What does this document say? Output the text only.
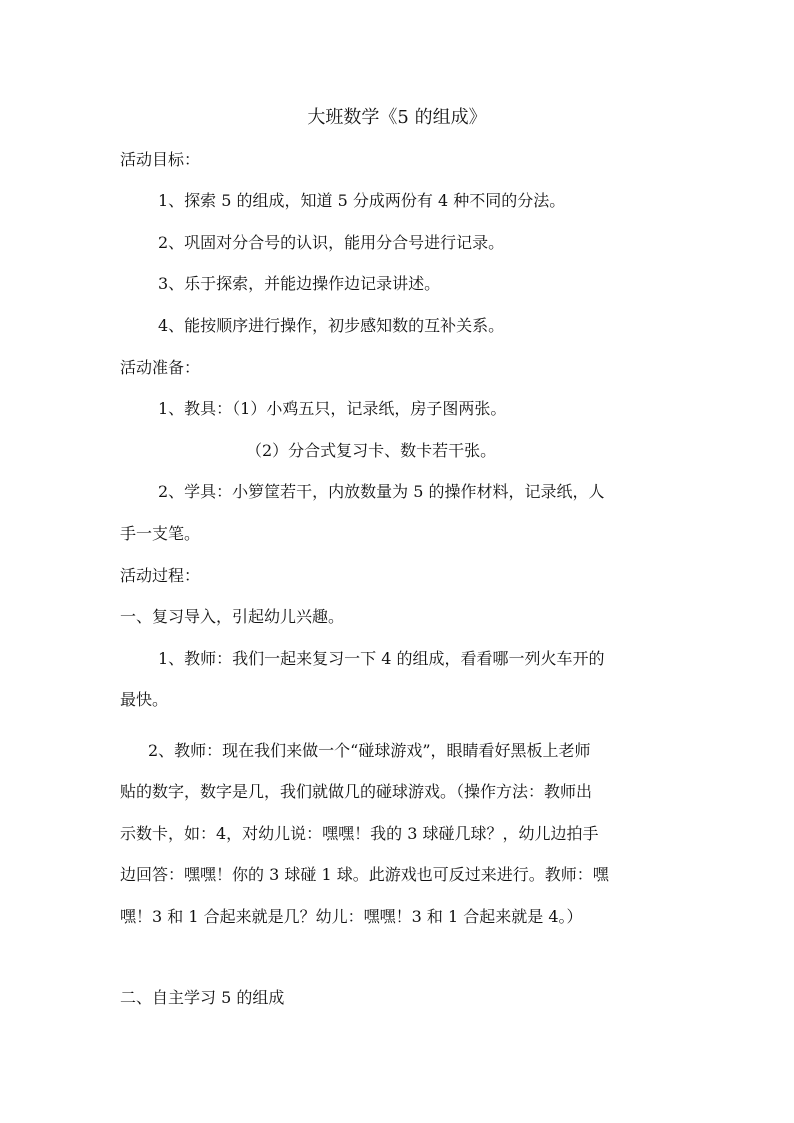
大班数学《5 的组成》
活动目标：
1、探索 5 的组成，知道 5 分成两份有 4 种不同的分法。
2、巩固对分合号的认识，能用分合号进行记录。
3、乐于探索，并能边操作边记录讲述。
4、能按顺序进行操作，初步感知数的互补关系。
活动准备：
1、教具：（1）小鸡五只，记录纸，房子图两张。
（2）分合式复习卡、数卡若干张。
2、学具：小箩筐若干，内放数量为 5 的操作材料，记录纸，人
手一支笔。
活动过程：
一、复习导入，引起幼儿兴趣。
1、教师：我们一起来复习一下 4 的组成，看看哪一列火车开的
最快。
2、教师：现在我们来做一个“碰球游戏”，眼睛看好黑板上老师
贴的数字，数字是几，我们就做几的碰球游戏。（操作方法：教师出
示数卡，如：4，对幼儿说：嘿嘿！我的 3 球碰几球？，幼儿边拍手
边回答：嘿嘿！你的 3 球碰 1 球。此游戏也可反过来进行。教师：嘿
嘿！3 和 1 合起来就是几？幼儿：嘿嘿！3 和 1 合起来就是 4。）
二、自主学习 5 的组成
